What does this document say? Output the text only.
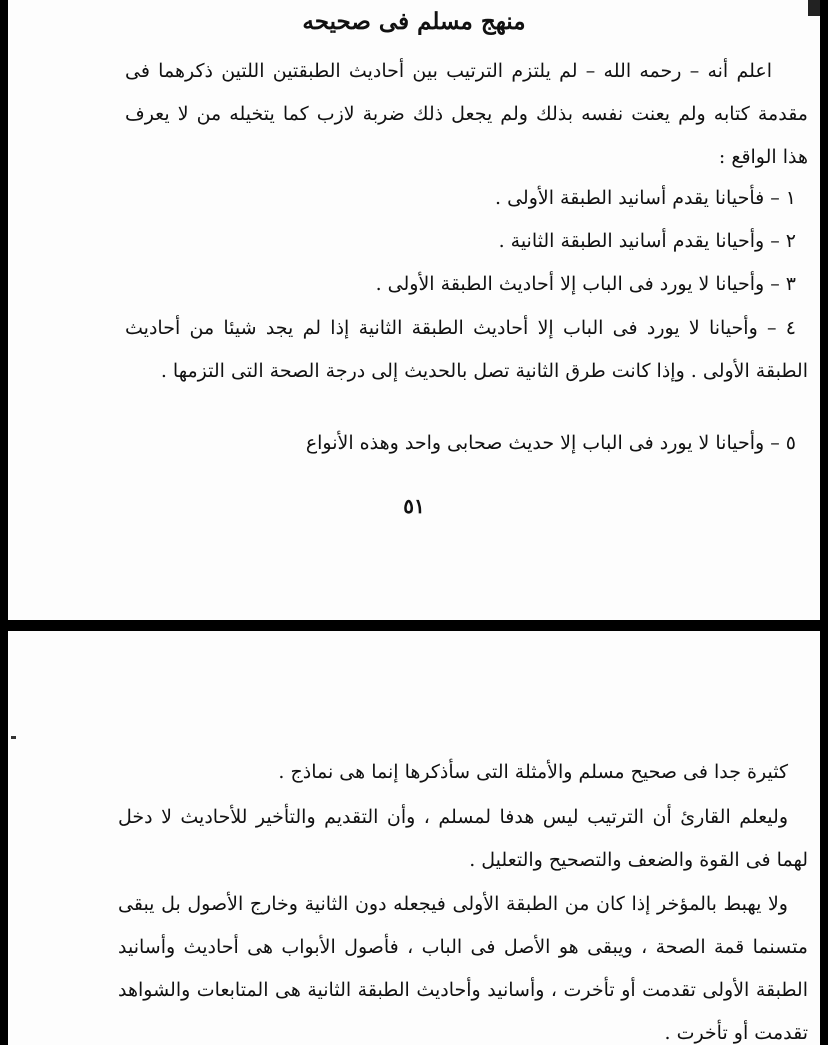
منهج مسلم فى صحيحه

اعلم أنه – رحمه الله – لم يلتزم الترتيب بين أحاديث الطبقتين اللتين ذكرهما فى مقدمة كتابه ولم يعنت نفسه بذلك ولم يجعل ذلك ضربة لازب كما يتخيله من لا يعرف هذا الواقع :

١ – فأحيانا يقدم أسانيد الطبقة الأولى .

٢ – وأحيانا يقدم أسانيد الطبقة الثانية .

٣ – وأحيانا لا يورد فى الباب إلا أحاديث الطبقة الأولى .

٤ – وأحيانا لا يورد فى الباب إلا أحاديث الطبقة الثانية إذا لم يجد شيئا من أحاديث الطبقة الأولى . وإذا كانت طرق الثانية تصل بالحديث إلى درجة الصحة التى التزمها .

٥ – وأحيانا لا يورد فى الباب إلا حديث صحابى واحد وهذه الأنواع

٥١

كثيرة جدا فى صحيح مسلم والأمثلة التى سأذكرها إنما هى نماذج .

وليعلم القارئ أن الترتيب ليس هدفا لمسلم ، وأن التقديم والتأخير للأحاديث لا دخل لهما فى القوة والضعف والتصحيح والتعليل .

ولا يهبط بالمؤخر إذا كان من الطبقة الأولى فيجعله دون الثانية وخارج الأصول بل يبقى متسنما قمة الصحة ، ويبقى هو الأصل فى الباب ، فأصول الأبواب هى أحاديث وأسانيد الطبقة الأولى تقدمت أو تأخرت ، وأسانيد وأحاديث الطبقة الثانية هى المتابعات والشواهد تقدمت أو تأخرت .
